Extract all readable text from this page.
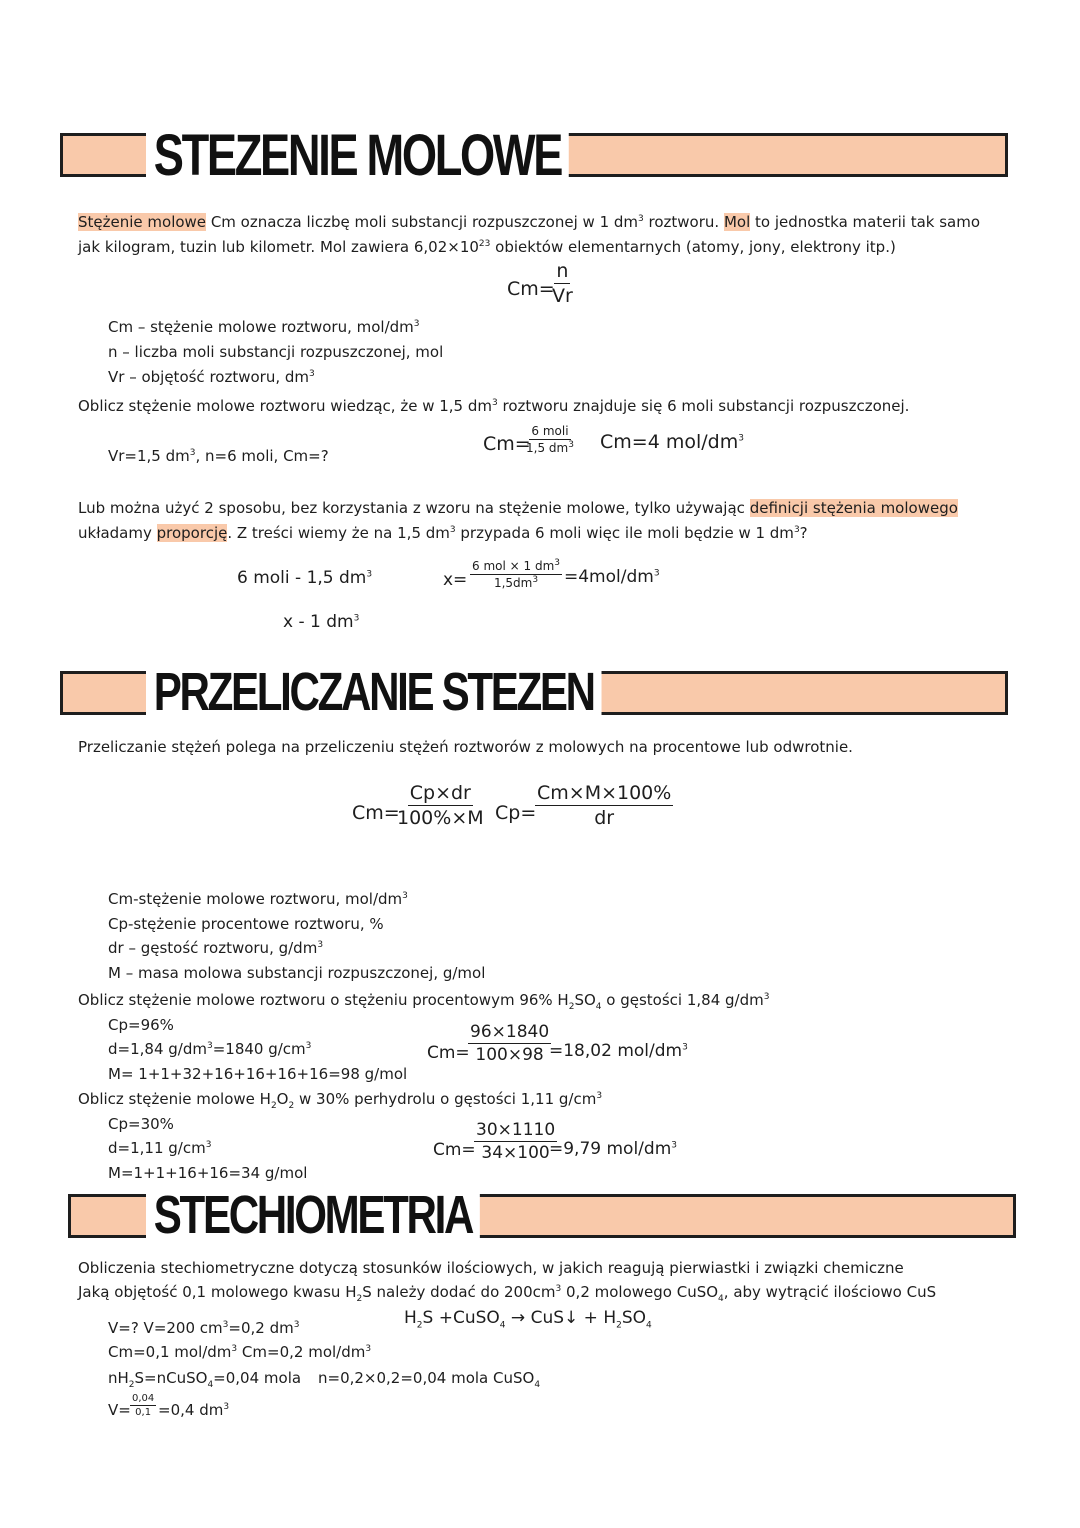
STEZENIE MOLOWE
Stężenie molowe Cm oznacza liczbę moli substancji rozpuszczonej w 1 $dm^3$ roztworu. Mol to jednostka materii tak samo
jak kilogram, tuzin lub kilometr. Mol zawiera $6,02\times 10^{23}$ obiektów elementarnych (atomy, jony, elektrony itp.)
Cm=
$\frac{n}{Vr}$
Cm – stężenie molowe roztworu, mol/$dm^3$
n – liczba moli substancji rozpuszczonej, mol
Vr – objętość roztworu, $dm^3$
Oblicz stężenie molowe roztworu wiedząc, że w 1,5 $dm^3$ roztworu znajduje się 6 moli substancji rozpuszczonej.
Vr=1,5 $dm^3$, n=6 moli, Cm=?
Cm=
6 moli
1,5 $dm^3$ Cm=4 mol/$dm^3$
Lub można użyć 2 sposobu, bez korzystania z wzoru na stężenie molowe, tylko używając definicji stężenia molowego
układamy proporcję. Z treści wiemy że na 1,5 $dm^3$ przypada 6 moli więc ile moli będzie w 1 $dm^3$?
6 moli - 1,5 $dm^3$
x - 1 $dm^3$
x=
6 mol × 1 $dm^3$
$1,5dm^3 =4mol/dm^3$
PRZELICZANIE STEZEN
Przeliczanie stężeń polega na przeliczeniu stężeń roztworów z molowych na procentowe lub odwrotnie.
Cm=
$\frac{Cp\times dr}{100\%\times M} Cp=$
$\frac{Cm\times M\times 100\%}{dr}$
Cm-stężenie molowe roztworu, mol/$dm^3$
Cp-stężenie procentowe roztworu, %
dr – gęstość roztworu, $g/dm^3$
M – masa molowa substancji rozpuszczonej, g/mol
Oblicz stężenie molowe roztworu o stężeniu procentowym 96% $H_2SO_4$ o gęstości 1,84 $g/dm^3$
Cp=96%
d=1,84 $g/dm^3=1840$ $g/cm^3$
M= 1+1+32+16+16+16+16=98 g/mol
Cm=
$\frac{96\times 1840}{100\times 98}$
=18,02 mol/$dm^3$
Oblicz stężenie molowe $H_2O_2$ w 30% perhydrolu o gęstości 1,11 $g/cm^3$
Cp=30%
d=1,11 $g/cm^3$
M=1+1+16+16=34 g/mol
Cm=
$\frac{30\times 1110}{34\times 100}$
=9,79 mol/$dm^3$
STECHIOMETRIA
Obliczenia stechiometryczne dotyczą stosunków ilościowych, w jakich reagują pierwiastki i związki chemiczne
Jaką objętość 0,1 molowego kwasu $H_2S$ należy dodać do $200cm^3$ 0,2 molowego CuSO$_4$, aby wytrącić ilościowo CuS
V=? V=200 $cm^3=0,2$ $dm^3$	$H_2S$ +CuSO$_4$ → CuS↓ + $H_2SO_4$
Cm=0,1 mol/$dm^3$ Cm=0,2 mol/$dm^3$
$nH_2S=nCuSO_4=0,04$ mola n=0,2×0,2=0,04 mola CuSO$_4$
$V= \frac{0,04}{0,1} =0,4$ $dm^3$
